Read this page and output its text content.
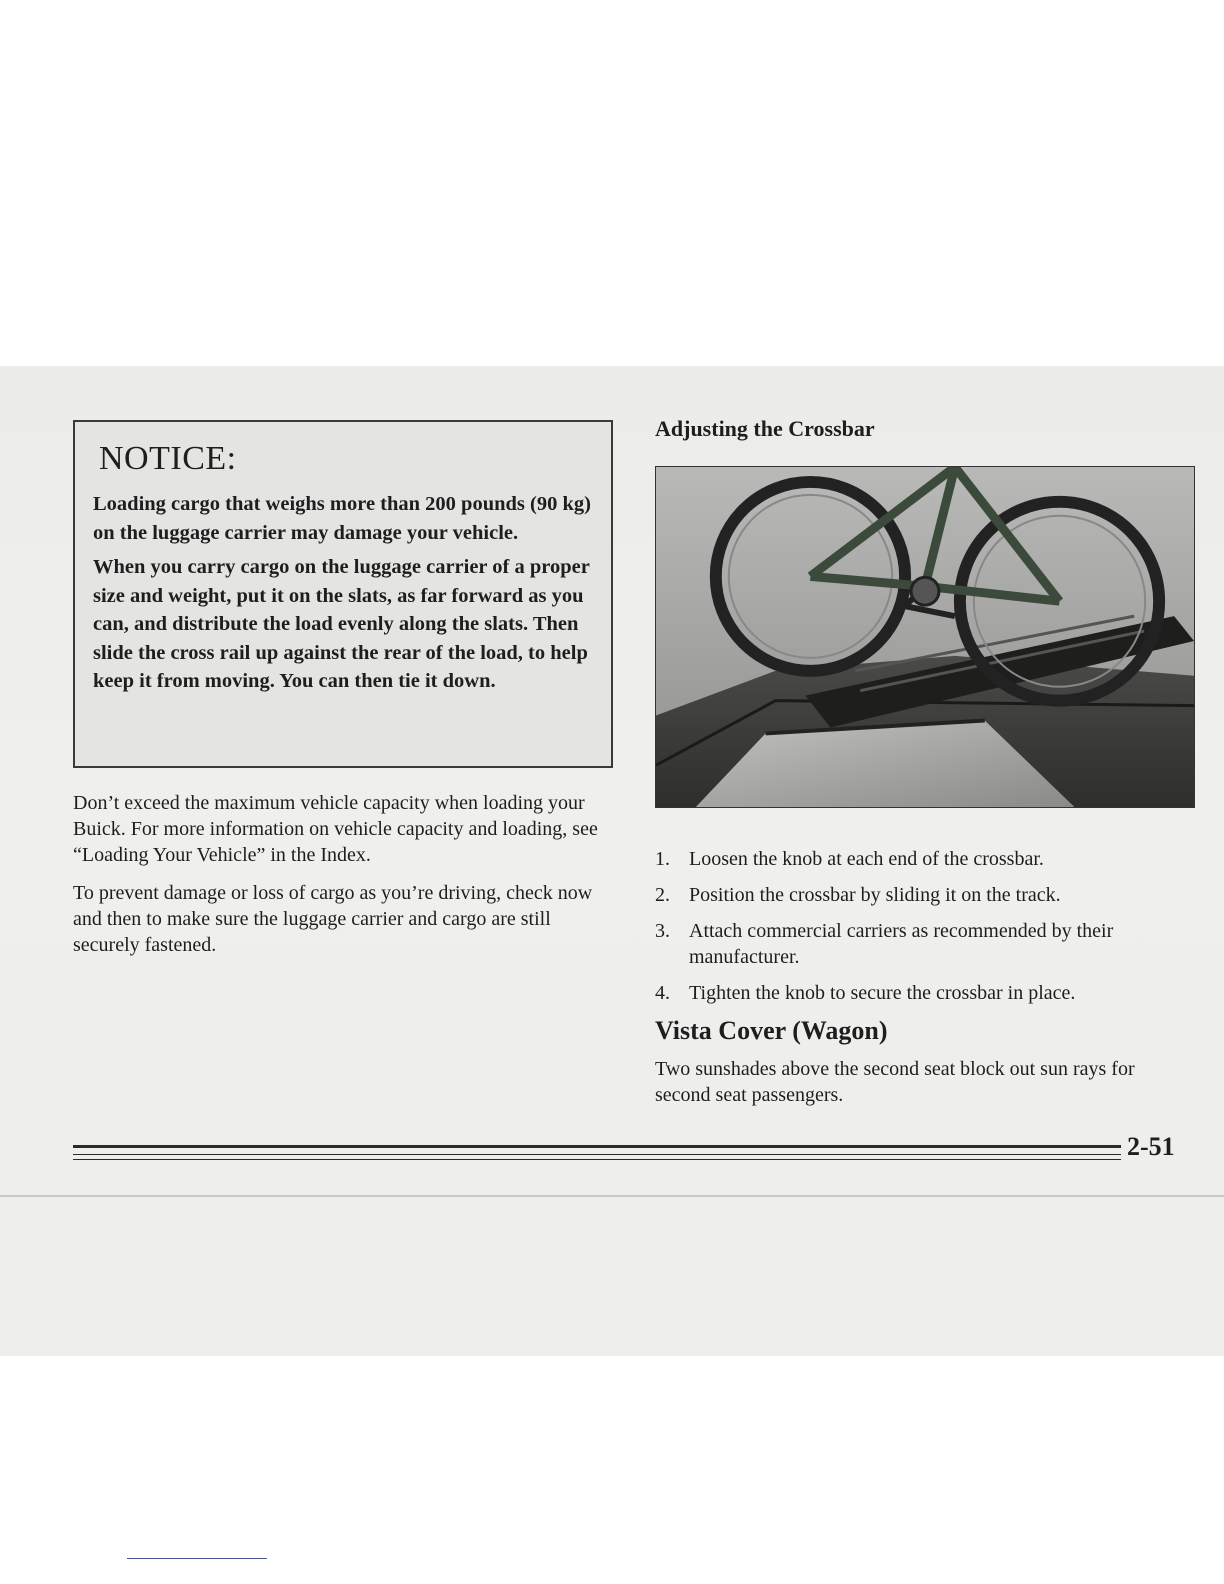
NOTICE:

Loading cargo that weighs more than 200 pounds (90 kg) on the luggage carrier may damage your vehicle.

When you carry cargo on the luggage carrier of a proper size and weight, put it on the slats, as far forward as you can, and distribute the load evenly along the slats. Then slide the cross rail up against the rear of the load, to help keep it from moving. You can then tie it down.

Don’t exceed the maximum vehicle capacity when loading your Buick. For more information on vehicle capacity and loading, see “Loading Your Vehicle” in the Index.

To prevent damage or loss of cargo as you’re driving, check now and then to make sure the luggage carrier and cargo are still securely fastened.

Adjusting the Crossbar
1. Loosen the knob at each end of the crossbar.
2. Position the crossbar by sliding it on the track.
3. Attach commercial carriers as recommended by their manufacturer.
4. Tighten the knob to secure the crossbar in place.
Vista Cover (Wagon)

Two sunshades above the second seat block out sun rays for second seat passengers.

2-51
